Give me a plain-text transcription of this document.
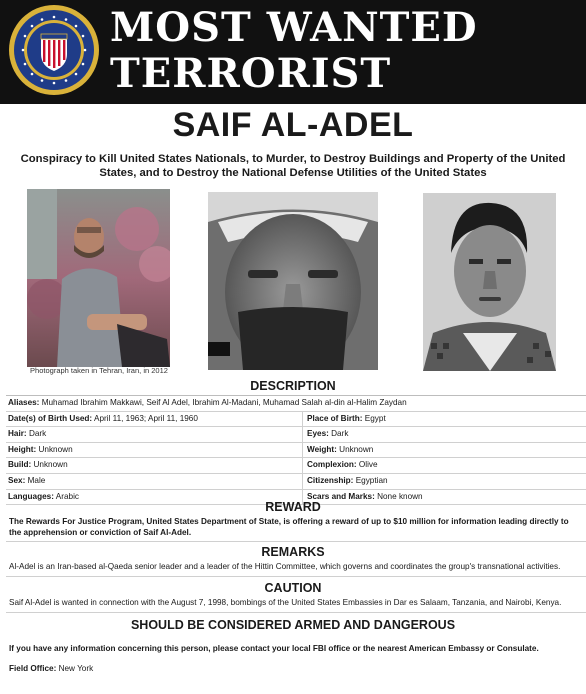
MOST WANTED
TERRORIST
SAIF AL-ADEL
Conspiracy to Kill United States Nationals, to Murder, to Destroy Buildings and Property of the United States, and to Destroy the National Defense Utilities of the United States
Photograph taken in Tehran, Iran, in 2012
DESCRIPTION
Aliases: Muhamad Ibrahim Makkawi, Seif Al Adel, Ibrahim Al-Madani, Muhamad Salah al-din al-Halim Zaydan
Date(s) of Birth Used: April 11, 1963; April 11, 1960	Place of Birth: Egypt
Hair: Dark	Eyes: Dark
Height: Unknown	Weight: Unknown
Build: Unknown	Complexion: Olive
Sex: Male	Citizenship: Egyptian
Languages: Arabic	Scars and Marks: None known
REWARD
The Rewards For Justice Program, United States Department of State, is offering a reward of up to $10 million for information leading directly to the apprehension or conviction of Saif Al-Adel.
REMARKS
Al-Adel is an Iran-based al-Qaeda senior leader and a leader of the Hittin Committee, which governs and coordinates the group's transnational activities.
CAUTION
Saif Al-Adel is wanted in connection with the August 7, 1998, bombings of the United States Embassies in Dar es Salaam, Tanzania, and Nairobi, Kenya.
SHOULD BE CONSIDERED ARMED AND DANGEROUS
If you have any information concerning this person, please contact your local FBI office or the nearest American Embassy or Consulate.
Field Office: New York
